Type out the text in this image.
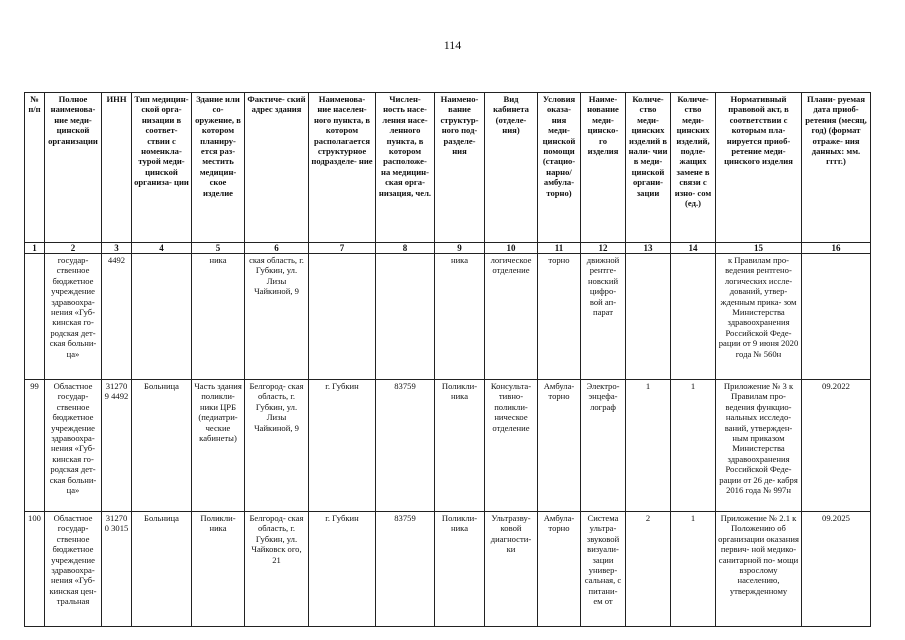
114
№ п/п	Полное наименова- ние меди- цинской организации	ИНН	Тип медицин- ской орга- низации в соответ- ствии с номенкла- турой меди- цинской организа- ции	Здание или со- оружение, в котором планиру- ется раз- местить медицин- ское изделие	Фактиче- ский адрес здания	Наименова- ние населен- ного пункта, в котором располагается структурное подразделе- ние	Числен- ность насе- ления насе- ленного пункта, в котором расположе- на медицин- ская орга- низация, чел.	Наимено- вание структур- ного под- разделе- ния	Вид кабинета (отделе- ния)	Условия оказа- ния меди- цинской помощи (стацио- нарно/ амбула- торно)	Наиме- нование меди- цинско- го изделия	Количе- ство меди- цинских изделий в нали- чии в меди- цинской органи- зации	Количе- ство меди- цинских изделий, подле- жащих замене в связи с изно- сом (ед.)	Нормативный правовой акт, в соответствии с которым пла- нируется приоб- ретение меди- цинского изделия	Плани- руемая дата приоб- ретения (месяц, год) (формат отраже- ния данных: мм. гггг.)
1	2	3	4	5	6	7	8	9	10	11	12	13	14	15	16
	государ- ственное бюджетное учреждение здравоохра- нения «Губ- кинская го- родская дет- ская больни- ца»	4492		ника	ская область, г. Губкин, ул. Лизы Чайкиной, 9			ника	логическое отделение	торно	движной рентге- новский цифро- вой ап- парат			к Правилам про- ведения рентгено- логических иссле- дований, утвер- жденным прика- зом Министерства здравоохранения Российской Феде- рации от 9 июня 2020 года № 560н	
99	Областное государ- ственное бюджетное учреждение здравоохра- нения «Губ- кинская го- родская дет- ская больни- ца»	312709 4492	Больница	Часть здания поликли- ники ЦРБ (педиатри- ческие кабинеты)	Белгород- ская область, г. Губкин, ул. Лизы Чайкиной, 9	г. Губкин	83759	Поликли- ника	Консульта- тивно- поликли- ническое отделение	Амбула- торно	Электро- энцефа- лограф	1	1	Приложение № 3 к Правилам про- ведения функцио- нальных исследо- ваний, утвержден- ным приказом Министерства здравоохранения Российской Феде- рации от 26 де- кабря 2016 года № 997н	09.2022
100	Областное государ- ственное бюджетное учреждение здравоохра- нения «Губ- кинская цен- тральная	312700 3015	Больница	Поликли- ника	Белгород- ская область, г. Губкин, ул. Чайковск ого, 21	г. Губкин	83759	Поликли- ника	Ультразву- ковой диагности- ки	Амбула- торно	Система ультра- звуковой визуали- зации универ- сальная, с питани- ем от	2	1	Приложение № 2.1 к Положению об организации оказания первич- ной медико- санитарной по- мощи взрослому населению, утвержденному	09.2025
